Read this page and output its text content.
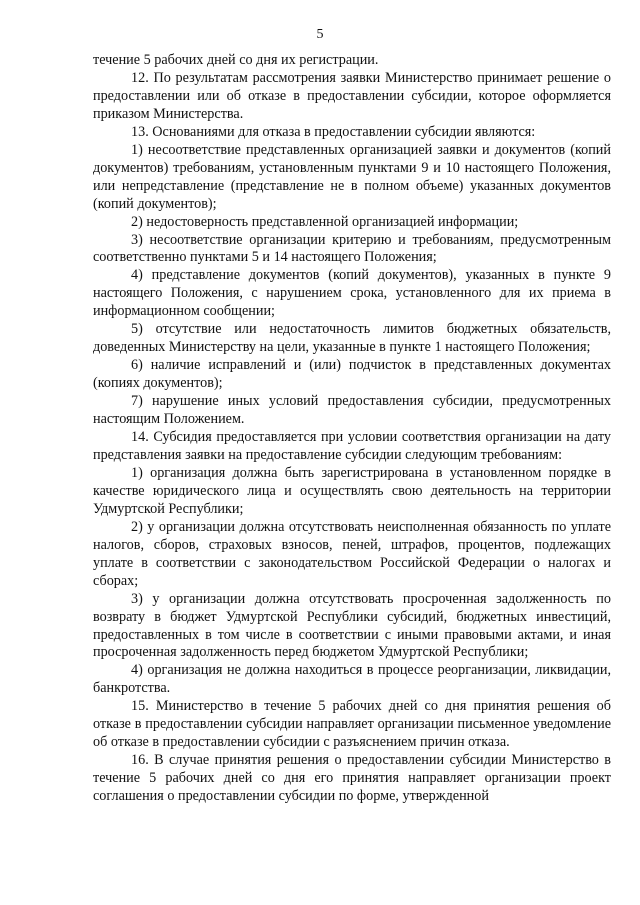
5

течение 5 рабочих дней со дня их регистрации.

12. По результатам рассмотрения заявки Министерство принимает решение о предоставлении или об отказе в предоставлении субсидии, которое оформляется приказом Министерства.

13. Основаниями для отказа в предоставлении субсидии являются:

1) несоответствие представленных организацией заявки и документов (копий документов) требованиям, установленным пунктами 9 и 10 настоящего Положения, или непредставление (представление не в полном объеме) указанных документов (копий документов);

2) недостоверность представленной организацией информации;

3) несоответствие организации критерию и требованиям, предусмотренным соответственно пунктами 5 и 14 настоящего Положения;

4) представление документов (копий документов), указанных в пункте 9 настоящего Положения, с нарушением срока, установленного для их приема в информационном сообщении;

5) отсутствие или недостаточность лимитов бюджетных обязательств, доведенных Министерству на цели, указанные в пункте 1 настоящего Положения;

6) наличие исправлений и (или) подчисток в представленных документах (копиях документов);

7) нарушение иных условий предоставления субсидии, предусмотренных настоящим Положением.

14. Субсидия предоставляется при условии соответствия организации на дату представления заявки на предоставление субсидии следующим требованиям:

1) организация должна быть зарегистрирована в установленном порядке в качестве юридического лица и осуществлять свою деятельность на территории Удмуртской Республики;

2) у организации должна отсутствовать неисполненная обязанность по уплате налогов, сборов, страховых взносов, пеней, штрафов, процентов, подлежащих уплате в соответствии с законодательством Российской Федерации о налогах и сборах;

3) у организации должна отсутствовать просроченная задолженность по возврату в бюджет Удмуртской Республики субсидий, бюджетных инвестиций, предоставленных в том числе в соответствии с иными правовыми актами, и иная просроченная задолженность перед бюджетом Удмуртской Республики;

4) организация не должна находиться в процессе реорганизации, ликвидации, банкротства.

15. Министерство в течение 5 рабочих дней со дня принятия решения об отказе в предоставлении субсидии направляет организации письменное уведомление об отказе в предоставлении субсидии с разъяснением причин отказа.

16. В случае принятия решения о предоставлении субсидии Министерство в течение 5 рабочих дней со дня его принятия направляет организации проект соглашения о предоставлении субсидии по форме, утвержденной
